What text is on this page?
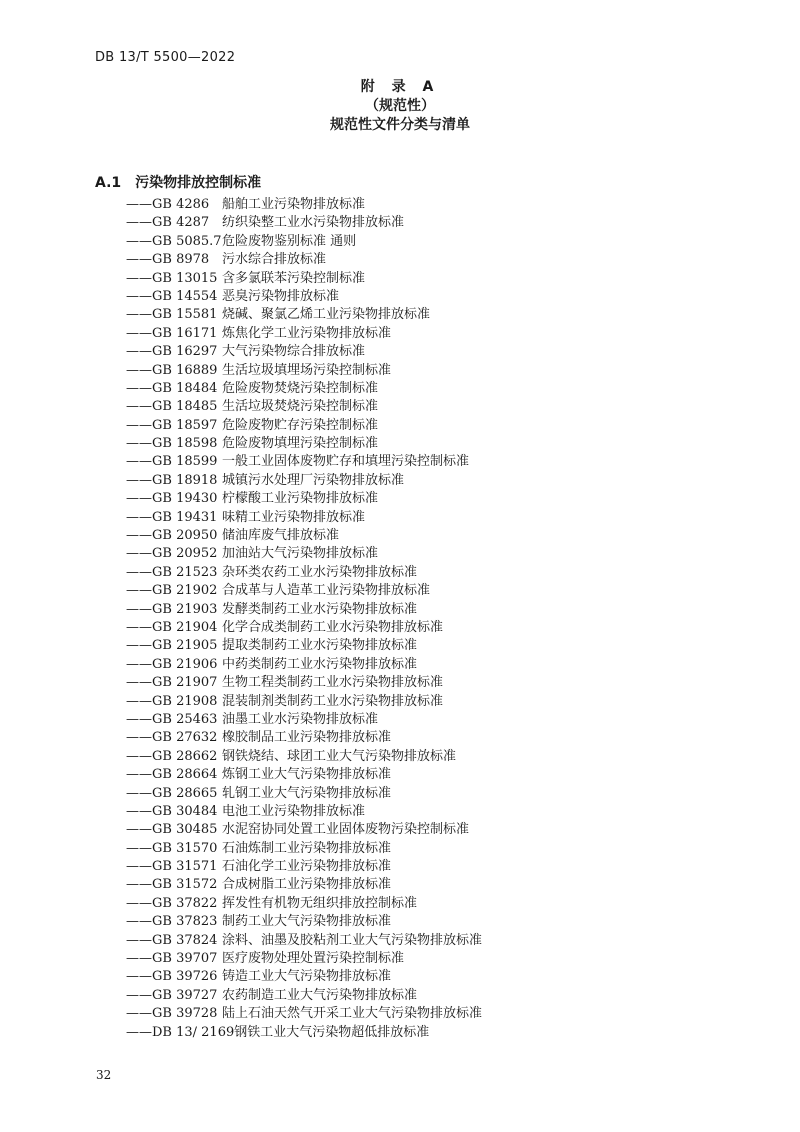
DB 13/T 5500—2022
附 录 A
（规范性）
规范性文件分类与清单
A.1 污染物排放控制标准
——GB 4286 船舶工业污染物排放标准
——GB 4287 纺织染整工业水污染物排放标准
——GB 5085.7危险废物鉴别标准 通则
——GB 8978 污水综合排放标准
——GB 13015 含多氯联苯污染控制标准
——GB 14554 恶臭污染物排放标准
——GB 15581 烧碱、聚氯乙烯工业污染物排放标准
——GB 16171 炼焦化学工业污染物排放标准
——GB 16297 大气污染物综合排放标准
——GB 16889 生活垃圾填埋场污染控制标准
——GB 18484 危险废物焚烧污染控制标准
——GB 18485 生活垃圾焚烧污染控制标准
——GB 18597 危险废物贮存污染控制标准
——GB 18598 危险废物填埋污染控制标准
——GB 18599 一般工业固体废物贮存和填埋污染控制标准
——GB 18918 城镇污水处理厂污染物排放标准
——GB 19430 柠檬酸工业污染物排放标准
——GB 19431 味精工业污染物排放标准
——GB 20950 储油库废气排放标准
——GB 20952 加油站大气污染物排放标准
——GB 21523 杂环类农药工业水污染物排放标准
——GB 21902 合成革与人造革工业污染物排放标准
——GB 21903 发酵类制药工业水污染物排放标准
——GB 21904 化学合成类制药工业水污染物排放标准
——GB 21905 提取类制药工业水污染物排放标准
——GB 21906 中药类制药工业水污染物排放标准
——GB 21907 生物工程类制药工业水污染物排放标准
——GB 21908 混装制剂类制药工业水污染物排放标准
——GB 25463 油墨工业水污染物排放标准
——GB 27632 橡胶制品工业污染物排放标准
——GB 28662 钢铁烧结、球团工业大气污染物排放标准
——GB 28664 炼钢工业大气污染物排放标准
——GB 28665 轧钢工业大气污染物排放标准
——GB 30484 电池工业污染物排放标准
——GB 30485 水泥窑协同处置工业固体废物污染控制标准
——GB 31570 石油炼制工业污染物排放标准
——GB 31571 石油化学工业污染物排放标准
——GB 31572 合成树脂工业污染物排放标准
——GB 37822 挥发性有机物无组织排放控制标准
——GB 37823 制药工业大气污染物排放标准
——GB 37824 涂料、油墨及胶粘剂工业大气污染物排放标准
——GB 39707 医疗废物处理处置污染控制标准
——GB 39726 铸造工业大气污染物排放标准
——GB 39727 农药制造工业大气污染物排放标准
——GB 39728 陆上石油天然气开采工业大气污染物排放标准
——DB 13/ 2169钢铁工业大气污染物超低排放标准
32
